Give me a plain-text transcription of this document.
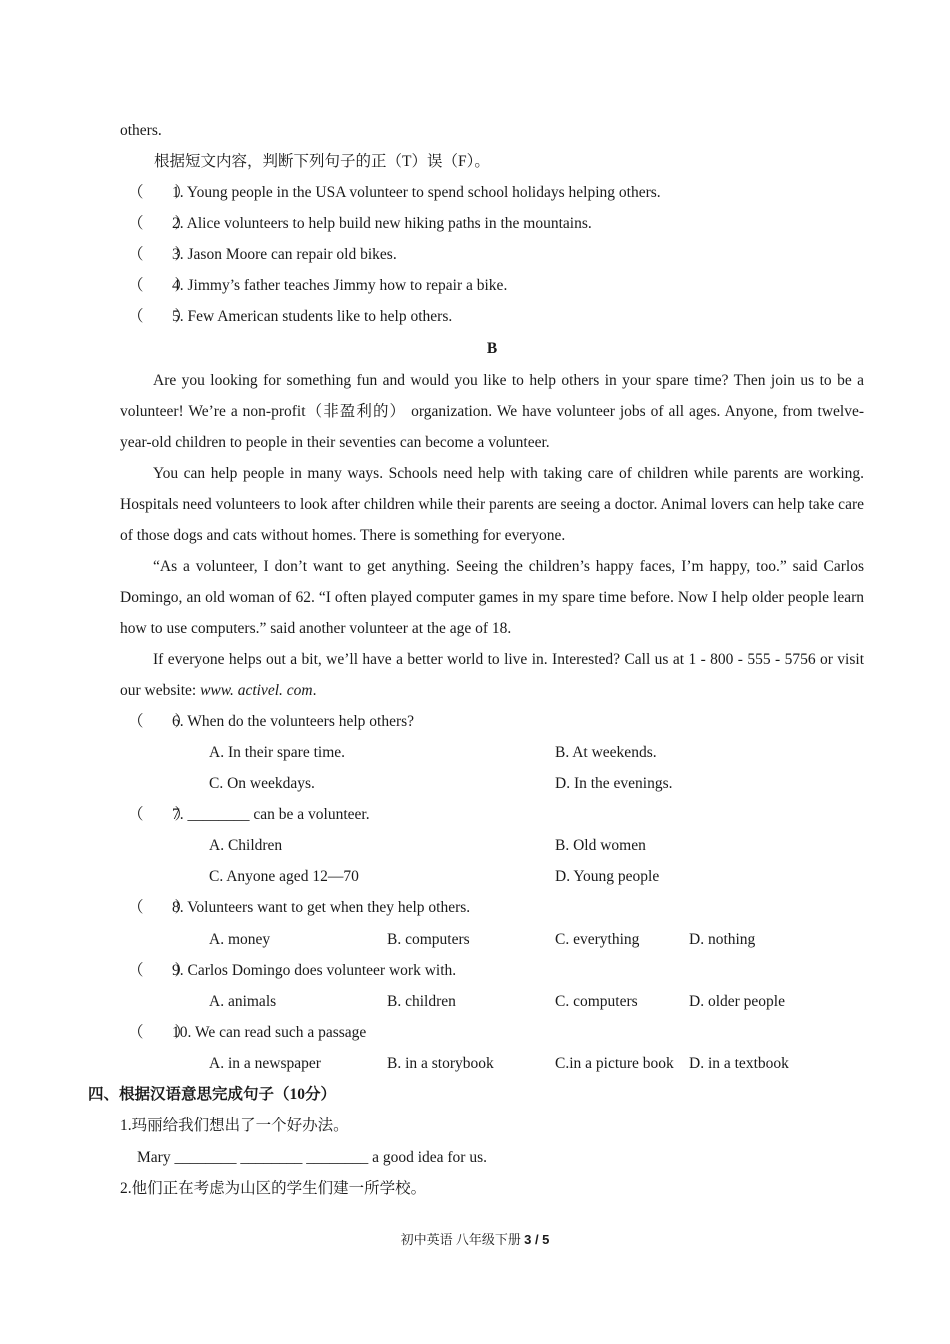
others.
根据短文内容，判断下列句子的正（T）误（F）。
（　　）
1. Young people in the USA volunteer to spend school holidays helping others.
（　　）
2. Alice volunteers to help build new hiking paths in the mountains.
（　　）
3. Jason Moore can repair old bikes.
（　　）
4. Jimmy’s father teaches Jimmy how to repair a bike.
（　　）
5. Few American students like to help others.
B
Are you looking for something fun and would you like to help others in your spare time? Then join us to be a volunteer! We’re a non-profit（非盈利的） organization. We have volunteer jobs of all ages. Anyone, from twelve-year-old children to people in their seventies can become a volunteer.
You can help people in many ways. Schools need help with taking care of children while parents are working. Hospitals need volunteers to look after children while their parents are seeing a doctor. Animal lovers can help take care of those dogs and cats without homes. There is something for everyone.
“As a volunteer, I don’t want to get anything. Seeing the children’s happy faces, I’m happy, too.” said Carlos Domingo, an old woman of 62. “I often played computer games in my spare time before. Now I help older people learn how to use computers.” said another volunteer at the age of 18.
If everyone helps out a bit, we’ll have a better world to live in. Interested? Call us at 1 - 800 - 555 - 5756 or visit our website: www. activel. com.
（　　）
6. When do the volunteers help others?
A. In their spare time.	B. At weekends.
C. On weekdays.	D. In the evenings.
（　　）
7. ________ can be a volunteer.
A. Children	B. Old women
C. Anyone aged 12—70	D. Young people
（　　）
8. Volunteers want to get when they help others.
A. money	B. computers	C. everything	D. nothing
（　　）
9. Carlos Domingo does volunteer work with.
A. animals	B. children	C. computers	D. older people
（　　）
10. We can read such a passage
A. in a newspaper	B. in a storybook	C.in a picture book D. in a textbook
四、根据汉语意思完成句子（10分）
1.玛丽给我们想出了一个好办法。
Mary ________ ________ ________ a good idea for us.
2.他们正在考虑为山区的学生们建一所学校。
初中英语 八年级下册 3 / 5
